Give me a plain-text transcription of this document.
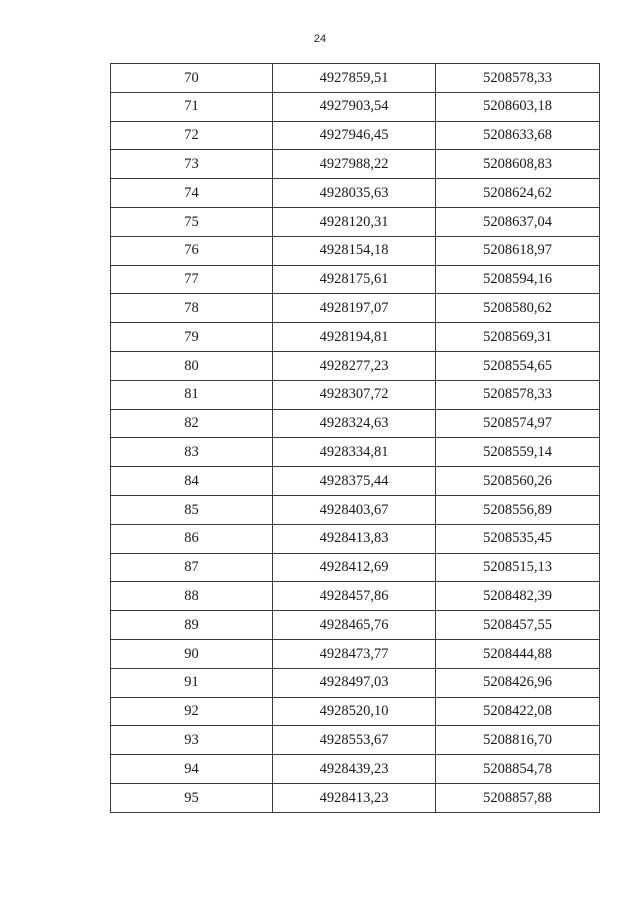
24
70	4927859,51	5208578,33
71	4927903,54	5208603,18
72	4927946,45	5208633,68
73	4927988,22	5208608,83
74	4928035,63	5208624,62
75	4928120,31	5208637,04
76	4928154,18	5208618,97
77	4928175,61	5208594,16
78	4928197,07	5208580,62
79	4928194,81	5208569,31
80	4928277,23	5208554,65
81	4928307,72	5208578,33
82	4928324,63	5208574,97
83	4928334,81	5208559,14
84	4928375,44	5208560,26
85	4928403,67	5208556,89
86	4928413,83	5208535,45
87	4928412,69	5208515,13
88	4928457,86	5208482,39
89	4928465,76	5208457,55
90	4928473,77	5208444,88
91	4928497,03	5208426,96
92	4928520,10	5208422,08
93	4928553,67	5208816,70
94	4928439,23	5208854,78
95	4928413,23	5208857,88
